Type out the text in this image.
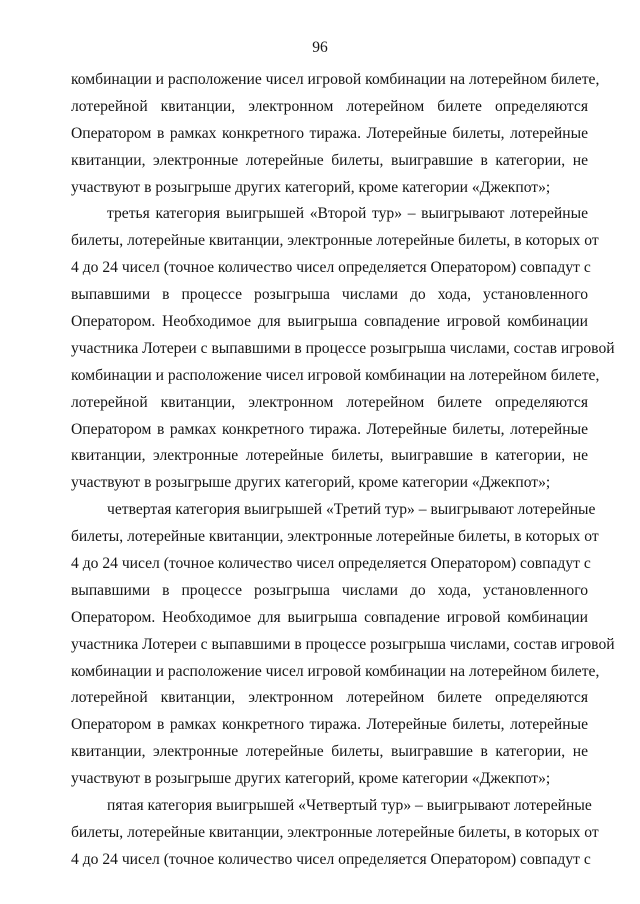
96
комбинации и расположение чисел игровой комбинации на лотерейном билете,
лотерейной квитанции, электронном лотерейном билете определяются
Оператором в рамках конкретного тиража. Лотерейные билеты, лотерейные
квитанции, электронные лотерейные билеты, выигравшие в категории, не
участвуют в розыгрыше других категорий, кроме категории «Джекпот»;
третья категория выигрышей «Второй тур» – выигрывают лотерейные
билеты, лотерейные квитанции, электронные лотерейные билеты, в которых от
4 до 24 чисел (точное количество чисел определяется Оператором) совпадут с
выпавшими в процессе розыгрыша числами до хода, установленного
Оператором. Необходимое для выигрыша совпадение игровой комбинации
участника Лотереи с выпавшими в процессе розыгрыша числами, состав игровой
комбинации и расположение чисел игровой комбинации на лотерейном билете,
лотерейной квитанции, электронном лотерейном билете определяются
Оператором в рамках конкретного тиража. Лотерейные билеты, лотерейные
квитанции, электронные лотерейные билеты, выигравшие в категории, не
участвуют в розыгрыше других категорий, кроме категории «Джекпот»;
четвертая категория выигрышей «Третий тур» – выигрывают лотерейные
билеты, лотерейные квитанции, электронные лотерейные билеты, в которых от
4 до 24 чисел (точное количество чисел определяется Оператором) совпадут с
выпавшими в процессе розыгрыша числами до хода, установленного
Оператором. Необходимое для выигрыша совпадение игровой комбинации
участника Лотереи с выпавшими в процессе розыгрыша числами, состав игровой
комбинации и расположение чисел игровой комбинации на лотерейном билете,
лотерейной квитанции, электронном лотерейном билете определяются
Оператором в рамках конкретного тиража. Лотерейные билеты, лотерейные
квитанции, электронные лотерейные билеты, выигравшие в категории, не
участвуют в розыгрыше других категорий, кроме категории «Джекпот»;
пятая категория выигрышей «Четвертый тур» – выигрывают лотерейные
билеты, лотерейные квитанции, электронные лотерейные билеты, в которых от
4 до 24 чисел (точное количество чисел определяется Оператором) совпадут с
